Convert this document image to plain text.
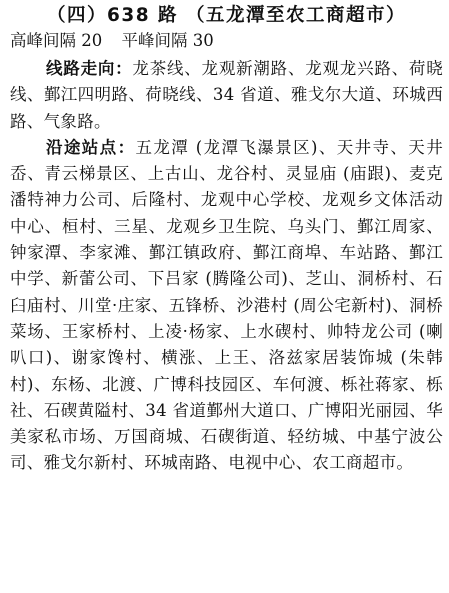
（四）638 路 （五龙潭至农工商超市）
高峰间隔 20 平峰间隔 30

线路走向：龙茶线、龙观新潮路、龙观龙兴路、荷晓线、鄞江四明路、荷晓线、34 省道、雅戈尔大道、环城西路、气象路。

沿途站点：五龙潭 (龙潭飞瀑景区)、天井寺、天井岙、青云梯景区、上古山、龙谷村、灵显庙 (庙跟)、麦克潘特神力公司、后隆村、龙观中心学校、龙观乡文体活动中心、桓村、三星、龙观乡卫生院、乌头门、鄞江周家、钟家潭、李家滩、鄞江镇政府、鄞江商埠、车站路、鄞江中学、新蕾公司、下吕家 (腾隆公司)、芝山、洞桥村、石臼庙村、川堂·庄家、五锋桥、沙港村 (周公宅新村)、洞桥菜场、王家桥村、上凌·杨家、上水碶村、帅特龙公司 (喇叭口)、谢家馋村、横涨、上王、洛兹家居装饰城 (朱韩村)、东杨、北渡、广博科技园区、车何渡、栎社蒋家、栎社、石碶黄隘村、34 省道鄞州大道口、广博阳光丽园、华美家私市场、万国商城、石碶街道、轻纺城、中基宁波公司、雅戈尔新村、环城南路、电视中心、农工商超市。
